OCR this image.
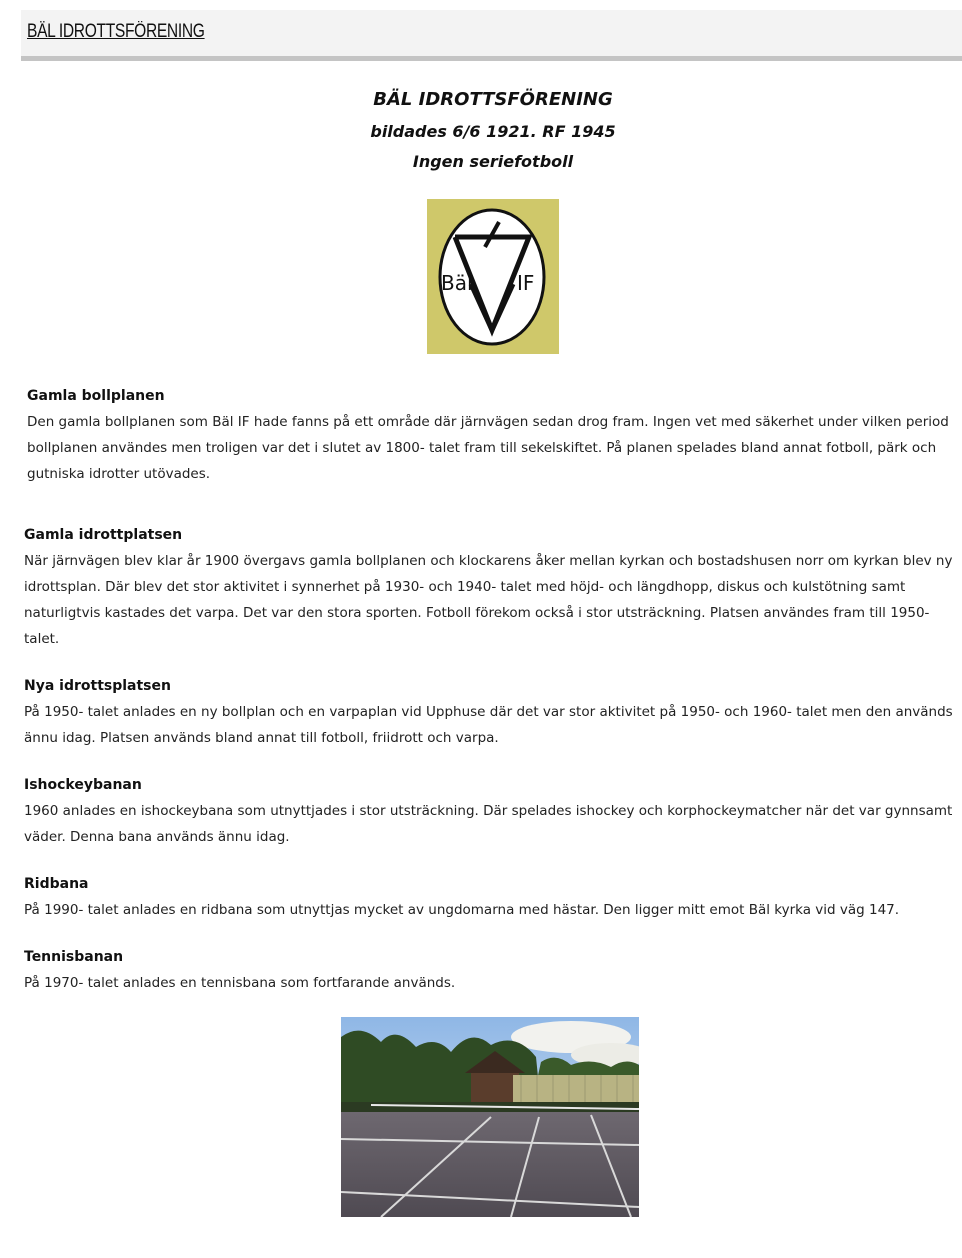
BÄL IDROTTSFÖRENING
BÄL IDROTTSFÖRENING
bildades 6/6 1921. RF 1945
Ingen seriefotboll
Bäl IF
Gamla bollplanen

Den gamla bollplanen som Bäl IF hade fanns på ett område där järnvägen sedan drog fram. Ingen vet med säkerhet under vilken period bollplanen användes men troligen var det i slutet av 1800- talet fram till sekelskiftet. På planen spelades bland annat fotboll, pärk och gutniska idrotter utövades.

Gamla idrottplatsen

När järnvägen blev klar år 1900 övergavs gamla bollplanen och klockarens åker mellan kyrkan och bostadshusen norr om kyrkan blev ny idrottsplan. Där blev det stor aktivitet i synnerhet på 1930- och 1940- talet med höjd- och längdhopp, diskus och kulstötning samt naturligtvis kastades det varpa. Det var den stora sporten. Fotboll förekom också i stor utsträckning. Platsen användes fram till 1950- talet.

Nya idrottsplatsen

På 1950- talet anlades en ny bollplan och en varpaplan vid Upphuse där det var stor aktivitet på 1950- och 1960- talet men den används ännu idag. Platsen används bland annat till fotboll, friidrott och varpa.

Ishockeybanan

1960 anlades en ishockeybana som utnyttjades i stor utsträckning. Där spelades ishockey och korphockeymatcher när det var gynnsamt väder. Denna bana används ännu idag.

Ridbana

På 1990- talet anlades en ridbana som utnyttjas mycket av ungdomarna med hästar. Den ligger mitt emot Bäl kyrka vid väg 147.

Tennisbanan

På 1970- talet anlades en tennisbana som fortfarande används.
